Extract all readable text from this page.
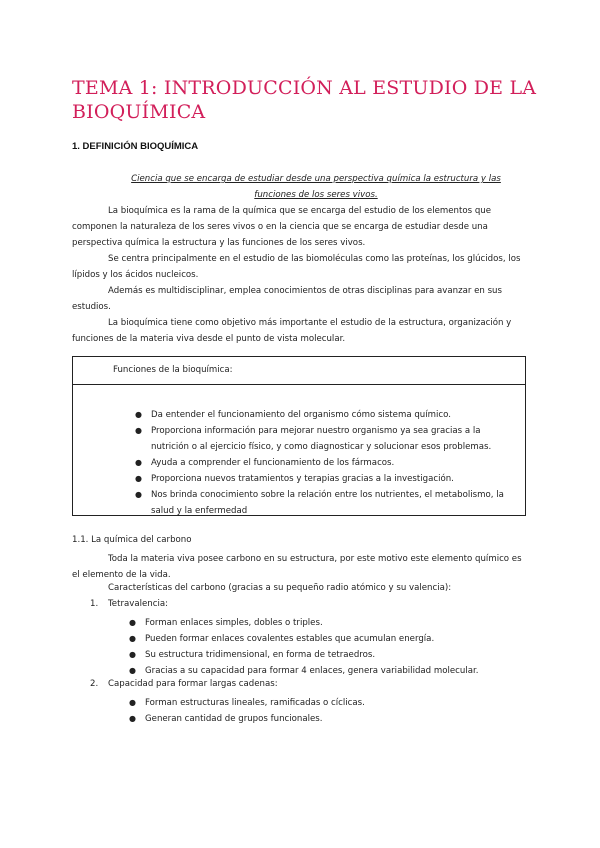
TEMA 1: INTRODUCCIÓN AL ESTUDIO DE LA BIOQUÍMICA
1. DEFINICIÓN BIOQUÍMICA
Ciencia que se encarga de estudiar desde una perspectiva química la estructura y las funciones de los seres vivos.
La bioquímica es la rama de la química que se encarga del estudio de los elementos que componen la naturaleza de los seres vivos o en la ciencia que se encarga de estudiar desde una perspectiva química la estructura y las funciones de los seres vivos.
Se centra principalmente en el estudio de las biomoléculas como las proteínas, los glúcidos, los lípidos y los ácidos nucleicos.
Además es multidisciplinar, emplea conocimientos de otras disciplinas para avanzar en sus estudios.
La bioquímica tiene como objetivo más importante el estudio de la estructura, organización y funciones de la materia viva desde el punto de vista molecular.
Funciones de la bioquímica:
● Da entender el funcionamiento del organismo cómo sistema químico.
● Proporciona información para mejorar nuestro organismo ya sea gracias a la nutrición o al ejercicio físico, y como diagnosticar y solucionar esos problemas.
● Ayuda a comprender el funcionamiento de los fármacos.
● Proporciona nuevos tratamientos y terapias gracias a la investigación.
● Nos brinda conocimiento sobre la relación entre los nutrientes, el metabolismo, la salud y la enfermedad
1.1. La química del carbono
Toda la materia viva posee carbono en su estructura, por este motivo este elemento químico es el elemento de la vida.
Características del carbono (gracias a su pequeño radio atómico y su valencia):
1. Tetravalencia:
● Forman enlaces simples, dobles o triples.
● Pueden formar enlaces covalentes estables que acumulan energía.
● Su estructura tridimensional, en forma de tetraedros.
● Gracias a su capacidad para formar 4 enlaces, genera variabilidad molecular.
2. Capacidad para formar largas cadenas:
● Forman estructuras lineales, ramificadas o cíclicas.
● Generan cantidad de grupos funcionales.
